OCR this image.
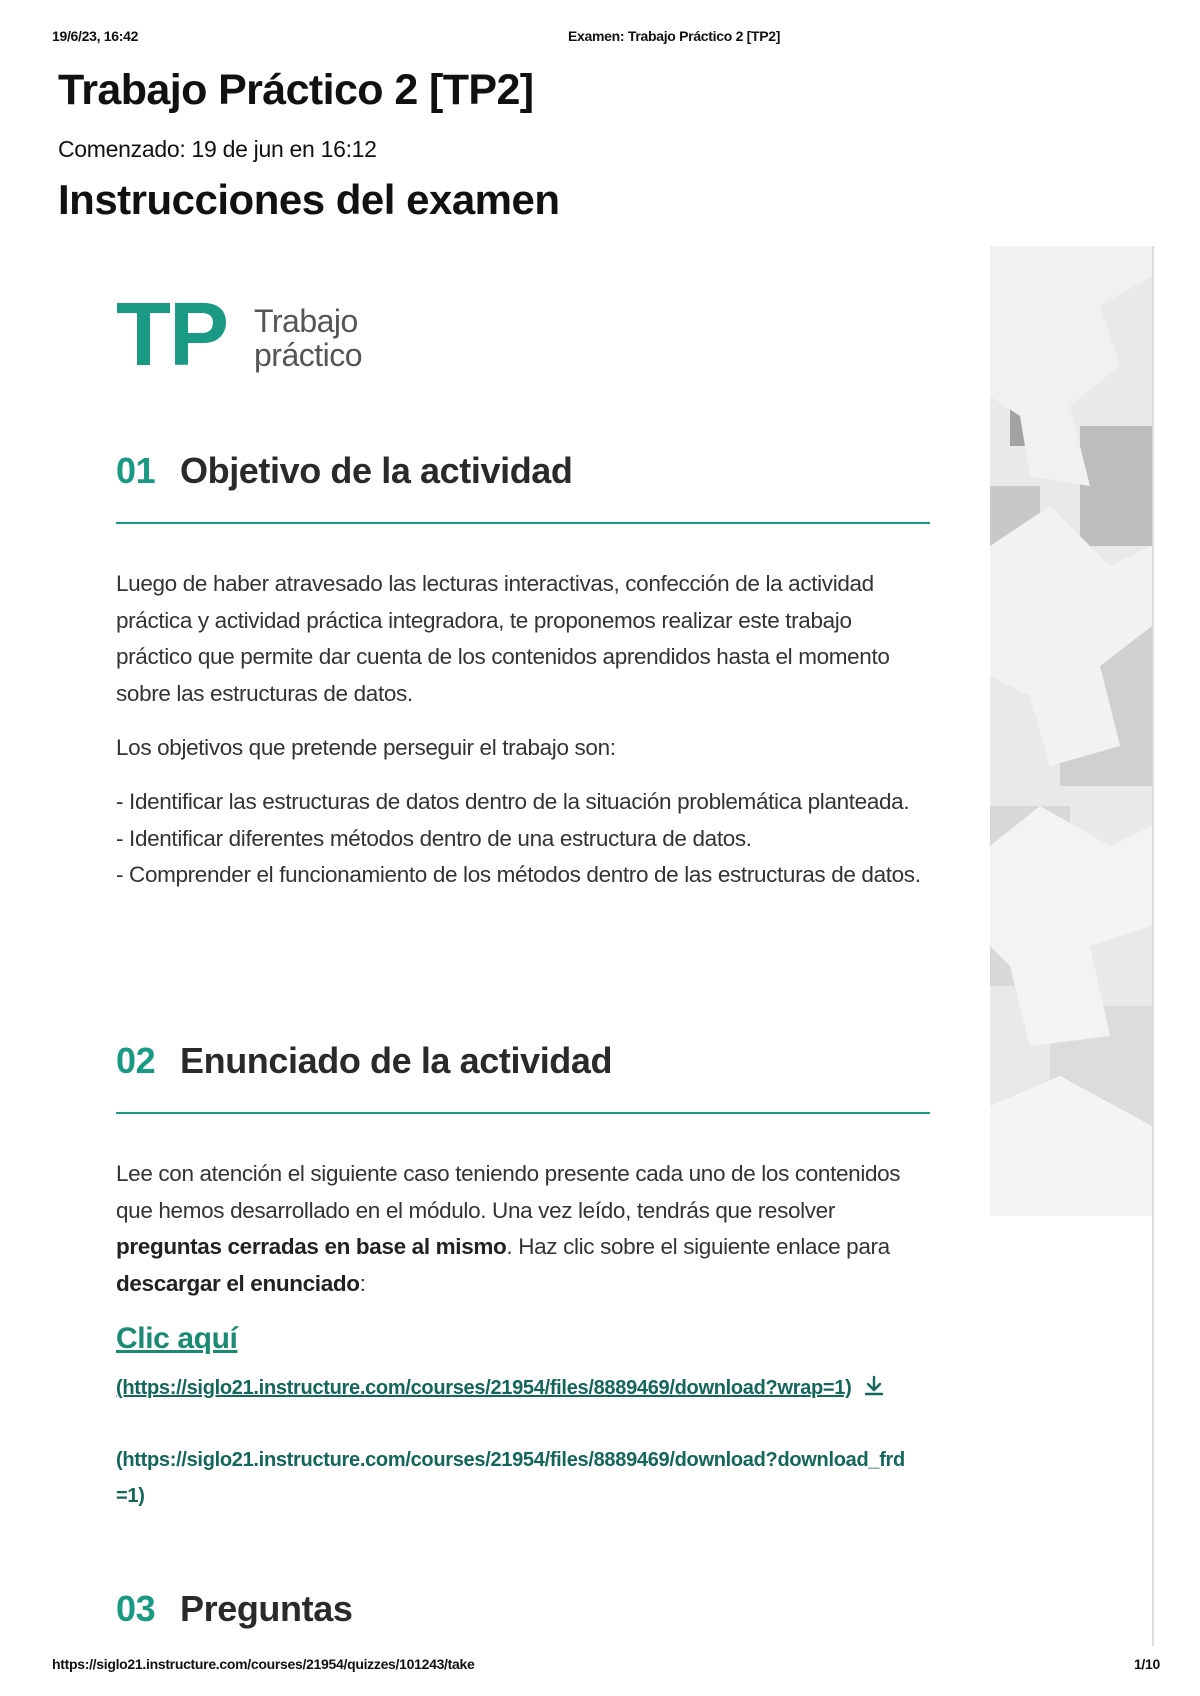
19/6/23, 16:42	Examen: Trabajo Práctico 2 [TP2]
Trabajo Práctico 2 [TP2]
Comenzado: 19 de jun en 16:12
Instrucciones del examen
TP Trabajo
práctico
01 Objetivo de la actividad

Luego de haber atravesado las lecturas interactivas, confección de la actividad práctica y actividad práctica integradora, te proponemos realizar este trabajo práctico que permite dar cuenta de los contenidos aprendidos hasta el momento sobre las estructuras de datos.

Los objetivos que pretende perseguir el trabajo son:

- Identificar las estructuras de datos dentro de la situación problemática planteada.
- Identificar diferentes métodos dentro de una estructura de datos.
- Comprender el funcionamiento de los métodos dentro de las estructuras de datos.
02 Enunciado de la actividad

Lee con atención el siguiente caso teniendo presente cada uno de los contenidos que hemos desarrollado en el módulo. Una vez leído, tendrás que resolver preguntas cerradas en base al mismo. Haz clic sobre el siguiente enlace para descargar el enunciado:

Clic aquí
(https://siglo21.instructure.com/courses/21954/files/8889469/download?wrap=1)
(https://siglo21.instructure.com/courses/21954/files/8889469/download?download_frd=1)
03 Preguntas
https://siglo21.instructure.com/courses/21954/quizzes/101243/take	1/10
